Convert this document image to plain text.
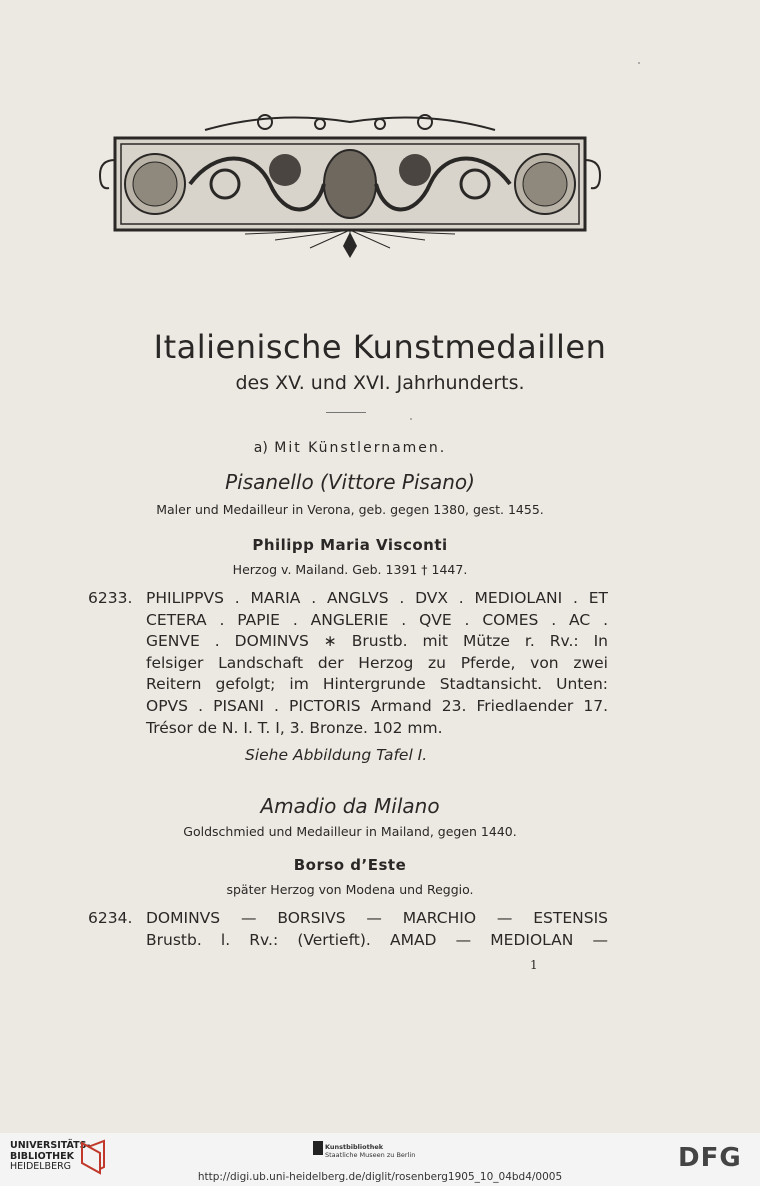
Italienische Kunstmedaillen
des XV. und XVI. Jahrhunderts.
a) Mit Künstlernamen.
Pisanello (Vittore Pisano)
Maler und Medailleur in Verona, geb. gegen 1380, gest. 1455.
Philipp Maria Visconti
Herzog v. Mailand. Geb. 1391 † 1447.
6233. PHILIPPVS . MARIA . ANGLVS . DVX . MEDIOLANI . ET
CETERA . PAPIE . ANGLERIE . QVE . COMES . AC .
GENVE . DOMINVS ∗ Brustb. mit Mütze r. Rv.: In
felsiger Landschaft der Herzog zu Pferde, von zwei
Reitern gefolgt; im Hintergrunde Stadtansicht. Unten:
OPVS . PISANI . PICTORIS Armand 23. Friedlaender 17.
Trésor de N. I. T. I, 3. Bronze. 102 mm.
Siehe Abbildung Tafel I.
Amadio da Milano
Goldschmied und Medailleur in Mailand, gegen 1440.
Borso d’Este
später Herzog von Modena und Reggio.
6234. DOMINVS — BORSIVS — MARCHIO — ESTENSIS
Brustb. l. Rv.: (Vertieft). AMAD — MEDIOLAN —
1
UNIVERSITÄTS-
BIBLIOTHEK
HEIDELBERG
Kunstbibliothek
Staatliche Museen zu Berlin	DFG
http://digi.ub.uni-heidelberg.de/diglit/rosenberg1905_10_04bd4/0005
